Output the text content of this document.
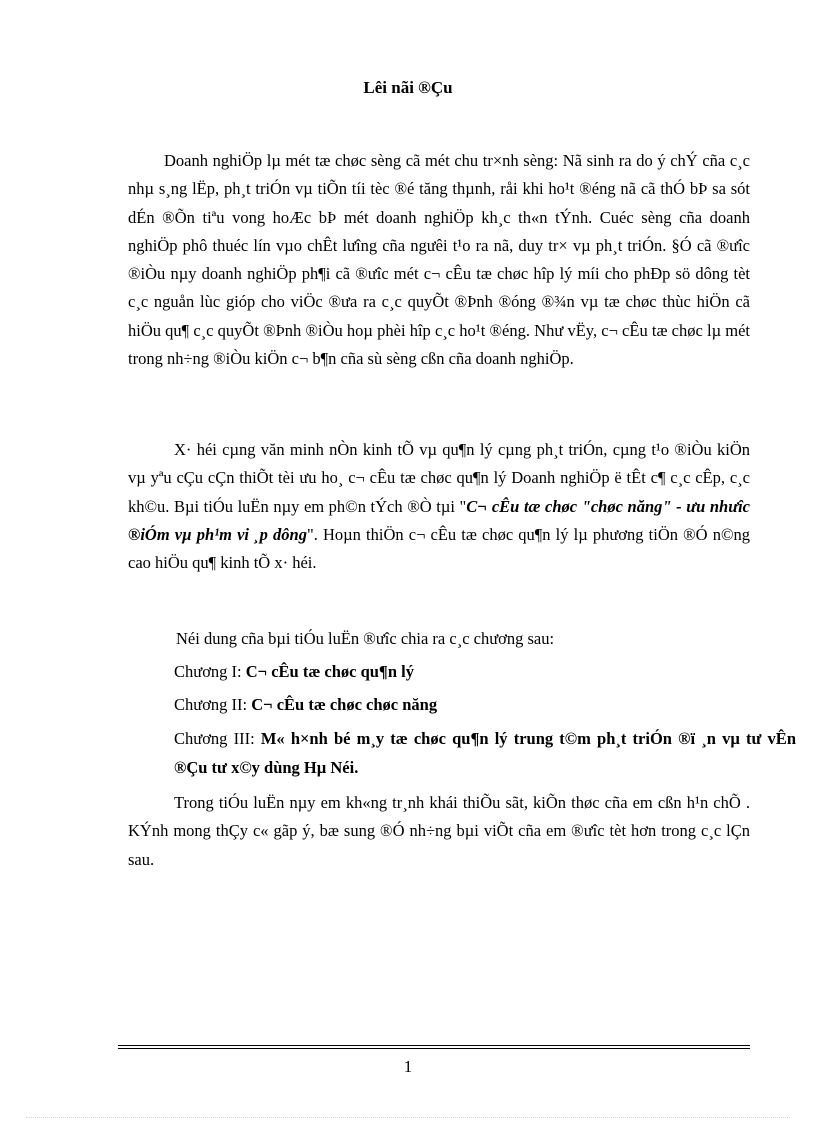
Lêi nãi ®Çu

Doanh nghiÖp lµ mét tæ chøc sèng cã mét chu tr×nh sèng: Nã sinh ra do ý chÝ cña c¸c nhµ s¸ng lËp, ph¸t triÓn vµ tiÕn tíi tèc ®é tăng thµnh, råi khi ho¹t ®éng nã cã thÓ bÞ sa sót dÉn ®Õn tiªu vong hoÆc bÞ mét doanh nghiÖp kh¸c th«n tÝnh. Cuéc sèng cña doanh nghiÖp phô thuéc lín vµo chÊt lưîng cña ngưêi t¹o ra nã, duy tr× vµ ph¸t triÓn. §Ó cã ®ưîc ®iÒu nµy doanh nghiÖp ph¶i cã ®ưîc mét c¬ cÊu tæ chøc hîp lý míi cho phÐp sö dông tèt c¸c nguån lùc gióp cho viÖc ®ưa ra c¸c quyÕt ®Þnh ®óng ®¾n vµ tæ chøc thùc hiÖn cã hiÖu qu¶ c¸c quyÕt ®Þnh ®iÒu hoµ phèi hîp c¸c ho¹t ®éng. Như vËy, c¬ cÊu tæ chøc lµ mét trong nh÷ng ®iÒu kiÖn c¬ b¶n cña sù sèng cßn cña doanh nghiÖp.

X· héi cµng văn minh nÒn kinh tÕ vµ qu¶n lý cµng ph¸t triÓn, cµng t¹o ®iÒu kiÖn vµ yªu cÇu cÇn thiÕt tèi ưu ho¸ c¬ cÊu tæ chøc qu¶n lý Doanh nghiÖp ë tÊt c¶ c¸c cÊp, c¸c kh©u. Bµi tiÓu luËn nµy em ph©n tÝch ®Ò tµi "C¬ cÊu tæ chøc "chøc năng" - ưu nhưîc ®iÓm vµ ph¹m vi ¸p dông". Hoµn thiÖn c¬ cÊu tæ chøc qu¶n lý lµ phương tiÖn ®Ó n©ng cao hiÖu qu¶ kinh tÕ x· héi.

Néi dung cña bµi tiÓu luËn ®ưîc chia ra c¸c chương sau:
Chương I: C¬ cÊu tæ chøc qu¶n lý
Chương II: C¬ cÊu tæ chøc chøc năng
Chương III: M« h×nh bé m¸y tæ chøc qu¶n lý trung t©m ph¸t triÓn ®ï ¸n vµ tư vÊn ®Çu tư x©y dùng Hµ Néi.

Trong tiÓu luËn nµy em kh«ng tr¸nh khái thiÕu sãt, kiÕn thøc cña em cßn h¹n chÕ . KÝnh mong thÇy c« gãp ý, bæ sung ®Ó nh÷ng bµi viÕt cña em ®ưîc tèt hơn trong c¸c lÇn sau.

1
